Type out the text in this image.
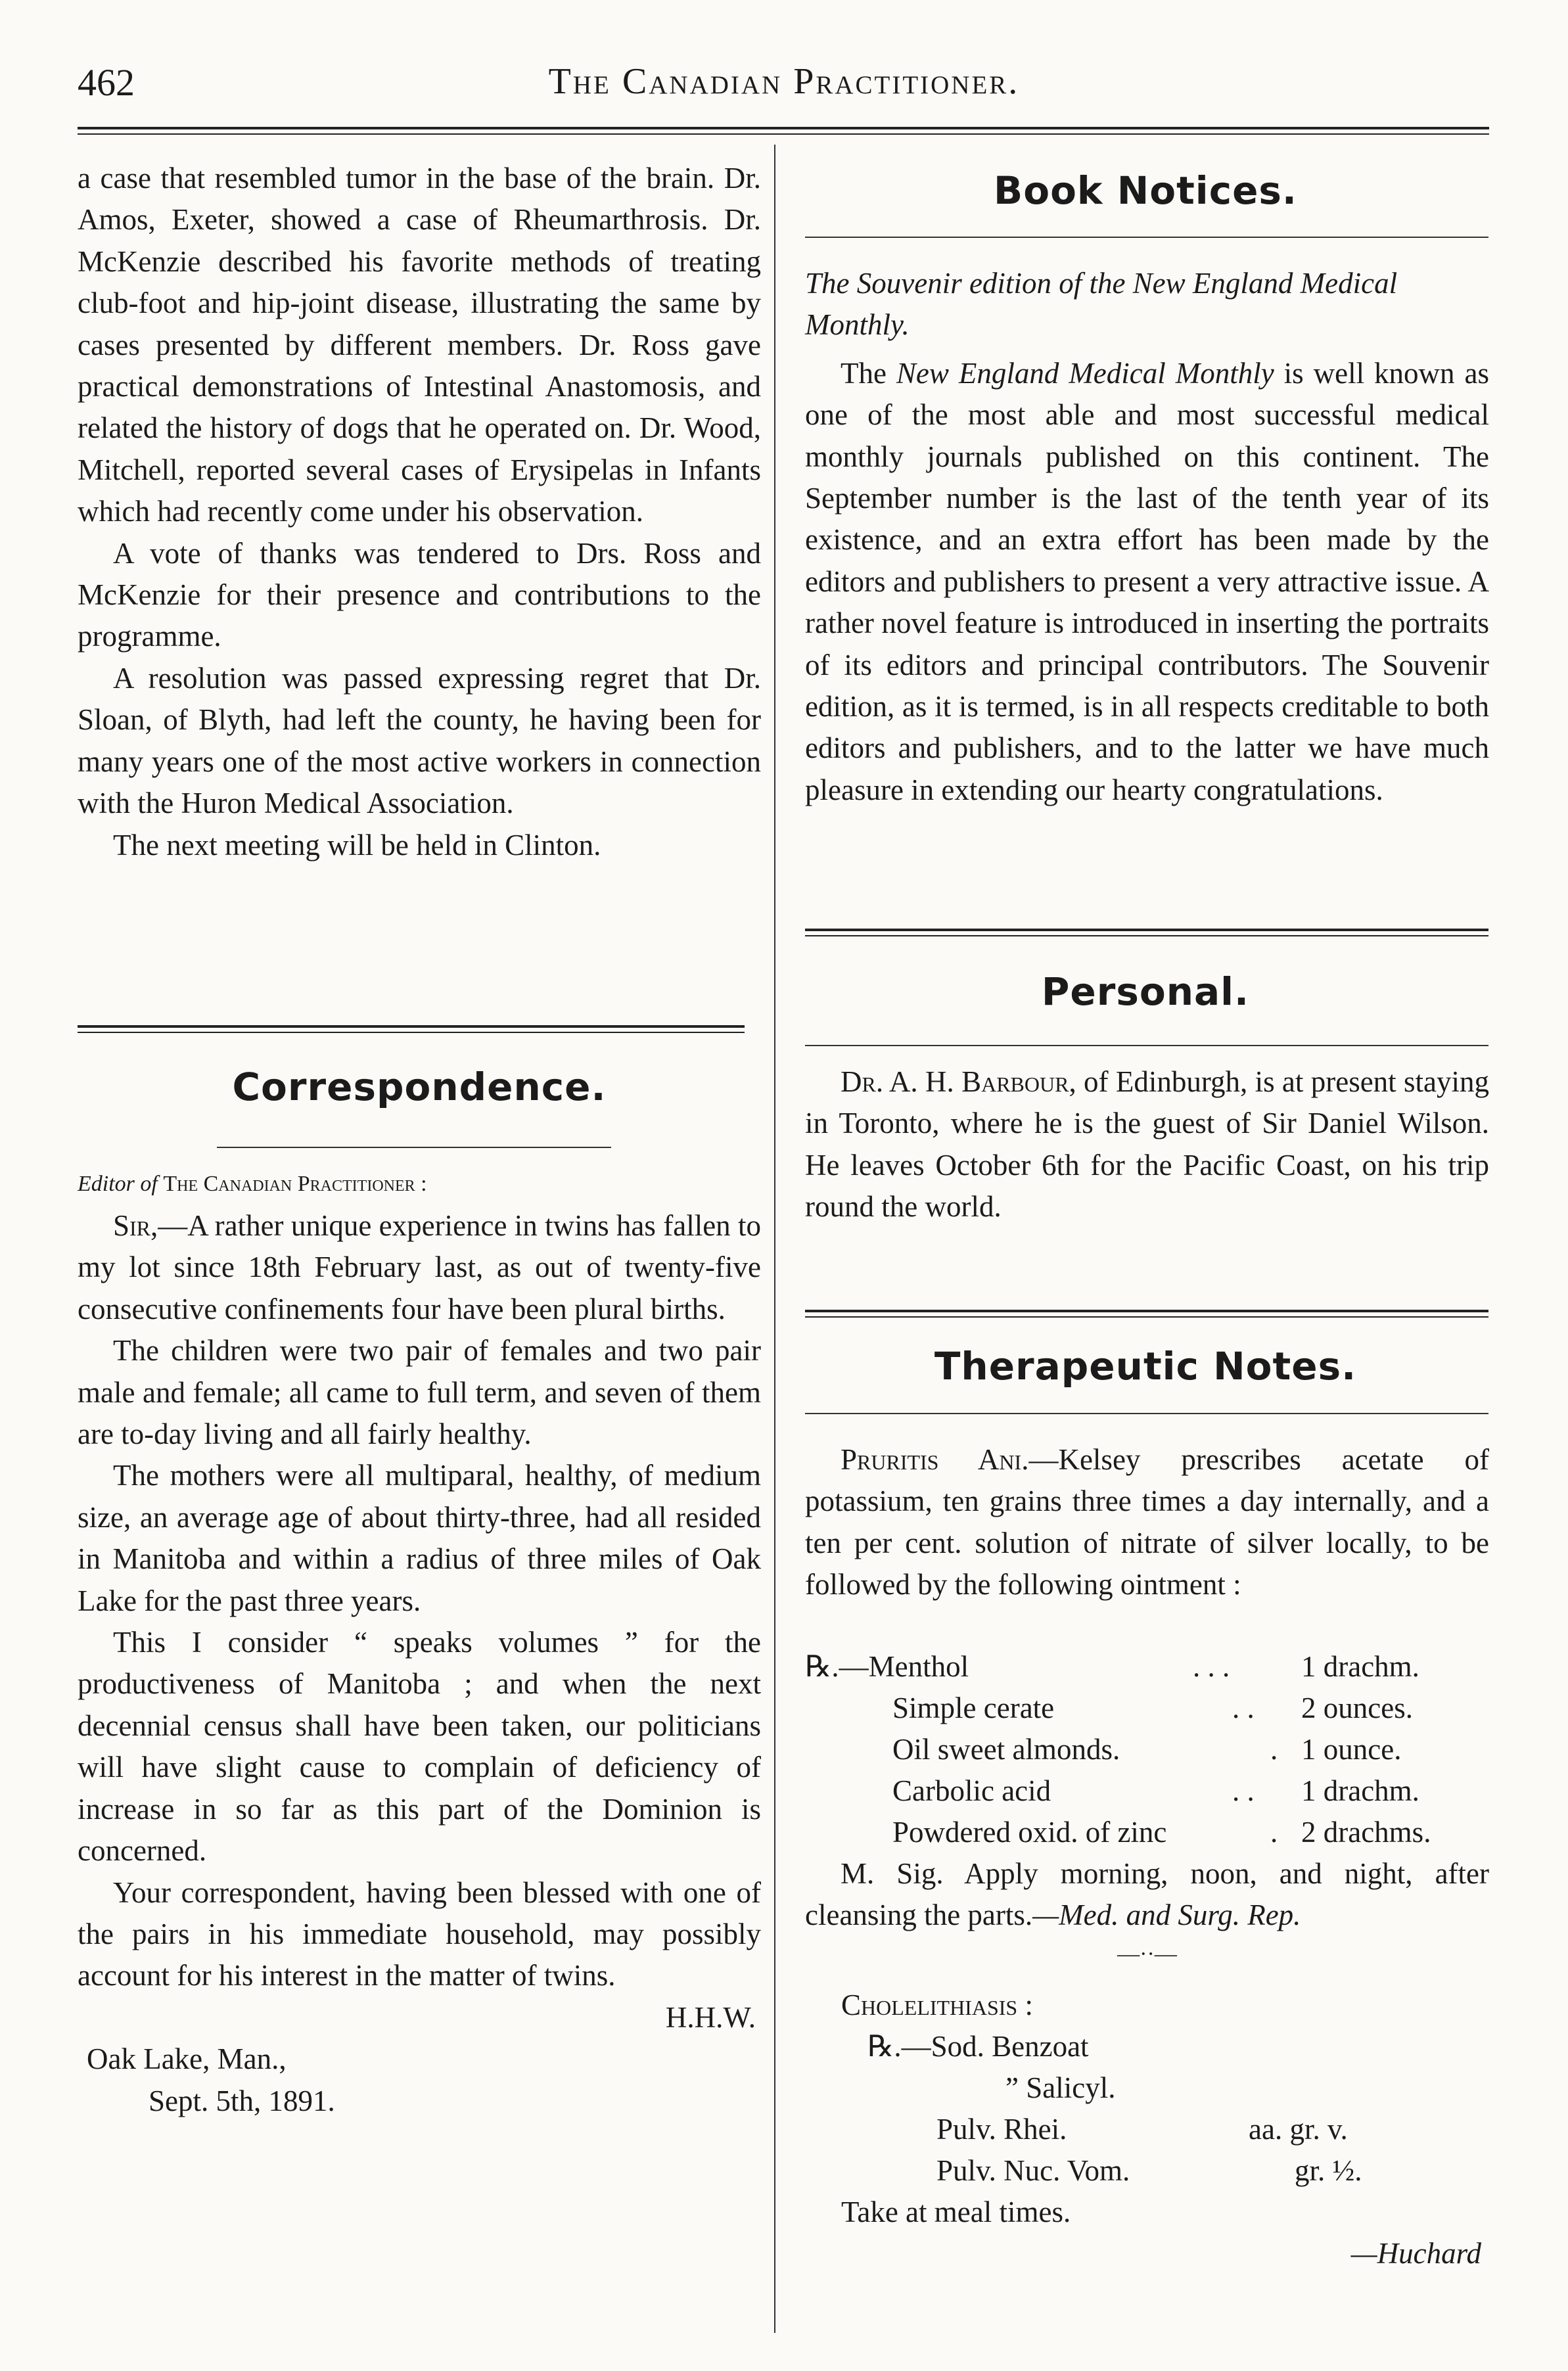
462	The Canadian Practitioner.

a case that resembled tumor in the base of the brain. Dr. Amos, Exeter, showed a case of Rheumarthrosis. Dr. McKenzie described his favorite methods of treating club-foot and hip-joint disease, illustrating the same by cases presented by different members. Dr. Ross gave practical demonstrations of Intestinal Anastomosis, and related the history of dogs that he operated on. Dr. Wood, Mitchell, reported several cases of Erysipelas in Infants which had recently come under his observation.

A vote of thanks was tendered to Drs. Ross and McKenzie for their presence and contributions to the programme.

A resolution was passed expressing regret that Dr. Sloan, of Blyth, had left the county, he having been for many years one of the most active workers in connection with the Huron Medical Association.

The next meeting will be held in Clinton.

Correspondence.

Editor of The Canadian Practitioner :

Sir,—A rather unique experience in twins has fallen to my lot since 18th February last, as out of twenty-five consecutive confinements four have been plural births.

The children were two pair of females and two pair male and female; all came to full term, and seven of them are to-day living and all fairly healthy.

The mothers were all multiparal, healthy, of medium size, an average age of about thirty-three, had all resided in Manitoba and within a radius of three miles of Oak Lake for the past three years.

This I consider “ speaks volumes ” for the productiveness of Manitoba ; and when the next decennial census shall have been taken, our politicians will have slight cause to complain of deficiency of increase in so far as this part of the Dominion is concerned.

Your correspondent, having been blessed with one of the pairs in his immediate household, may possibly account for his interest in the matter of twins.

H.H.W.
Oak Lake, Man.,
Sept. 5th, 1891.
Book Notices.

The Souvenir edition of the New England Medical Monthly.

The New England Medical Monthly is well known as one of the most able and most successful medical monthly journals published on this continent. The September number is the last of the tenth year of its existence, and an extra effort has been made by the editors and publishers to present a very attractive issue. A rather novel feature is introduced in inserting the portraits of its editors and principal contributors. The Souvenir edition, as it is termed, is in all respects creditable to both editors and publishers, and to the latter we have much pleasure in extending our hearty congratulations.

Personal.

Dr. A. H. Barbour, of Edinburgh, is at present staying in Toronto, where he is the guest of Sir Daniel Wilson. He leaves October 6th for the Pacific Coast, on his trip round the world.

Therapeutic Notes.

Pruritis Ani.—Kelsey prescribes acetate of potassium, ten grains three times a day internally, and a ten per cent. solution of nitrate of silver locally, to be followed by the following ointment :

℞.—Menthol	. . . 1 drachm.
Simple cerate	. . 2 ounces.
Oil sweet almonds.	. 1 ounce.
Carbolic acid	. . 1 drachm.
Powdered oxid. of zinc	. 2 drachms.

M. Sig. Apply morning, noon, and night, after cleansing the parts.—Med. and Surg. Rep.

—··—
Cholelithiasis :
℞.—Sod. Benzoat
” Salicyl.
Pulv. Rhei.	aa. gr. v.
Pulv. Nuc. Vom.	gr. ½.
Take at meal times.
—Huchard
